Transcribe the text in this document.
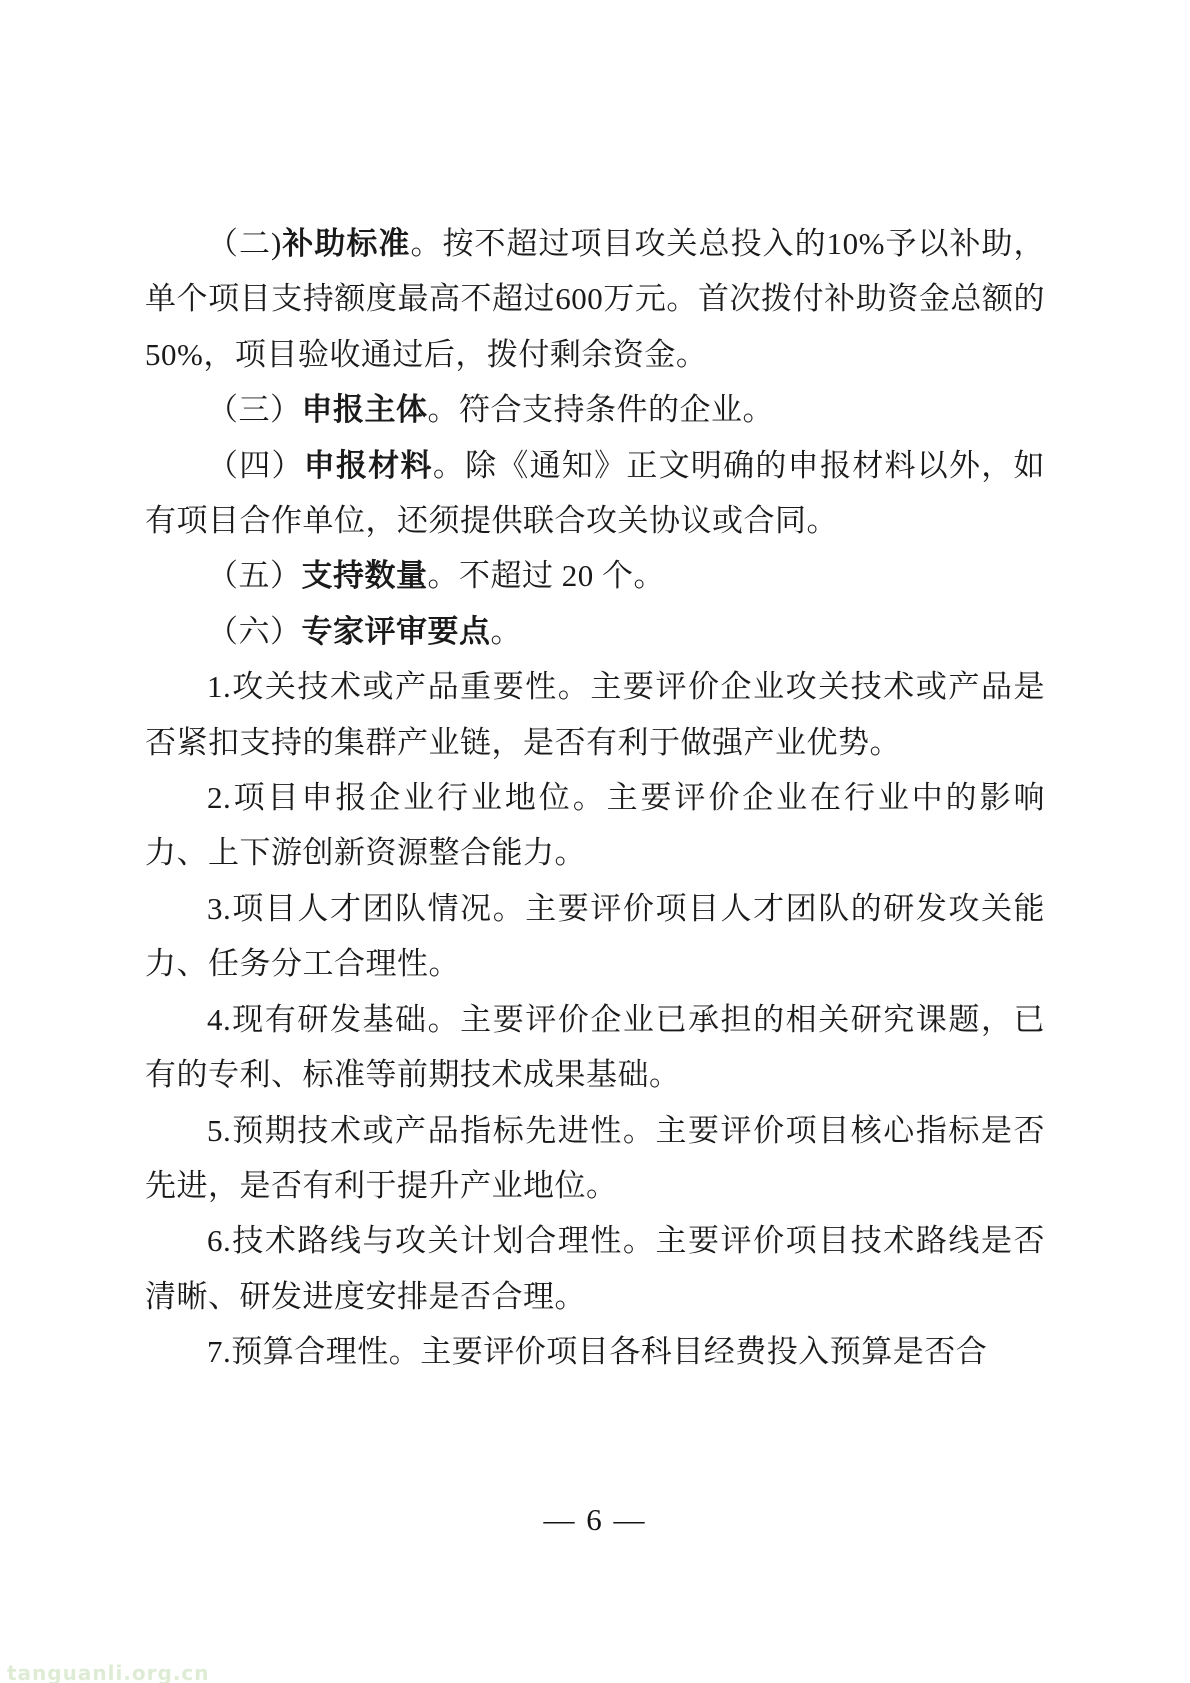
（二)补助标准。按不超过项目攻关总投入的10%予以补助，单个项目支持额度最高不超过600万元。首次拨付补助资金总额的50%，项目验收通过后，拨付剩余资金。

（三）申报主体。符合支持条件的企业。

（四）申报材料。除《通知》正文明确的申报材料以外，如有项目合作单位，还须提供联合攻关协议或合同。

（五）支持数量。不超过 20 个。

（六）专家评审要点。

1.攻关技术或产品重要性。主要评价企业攻关技术或产品是否紧扣支持的集群产业链，是否有利于做强产业优势。

2.项目申报企业行业地位。主要评价企业在行业中的影响力、上下游创新资源整合能力。

3.项目人才团队情况。主要评价项目人才团队的研发攻关能力、任务分工合理性。

4.现有研发基础。主要评价企业已承担的相关研究课题，已有的专利、标准等前期技术成果基础。

5.预期技术或产品指标先进性。主要评价项目核心指标是否先进，是否有利于提升产业地位。

6.技术路线与攻关计划合理性。主要评价项目技术路线是否清晰、研发进度安排是否合理。

7.预算合理性。主要评价项目各科目经费投入预算是否合

— 6 —
tanguanli.org.cn
